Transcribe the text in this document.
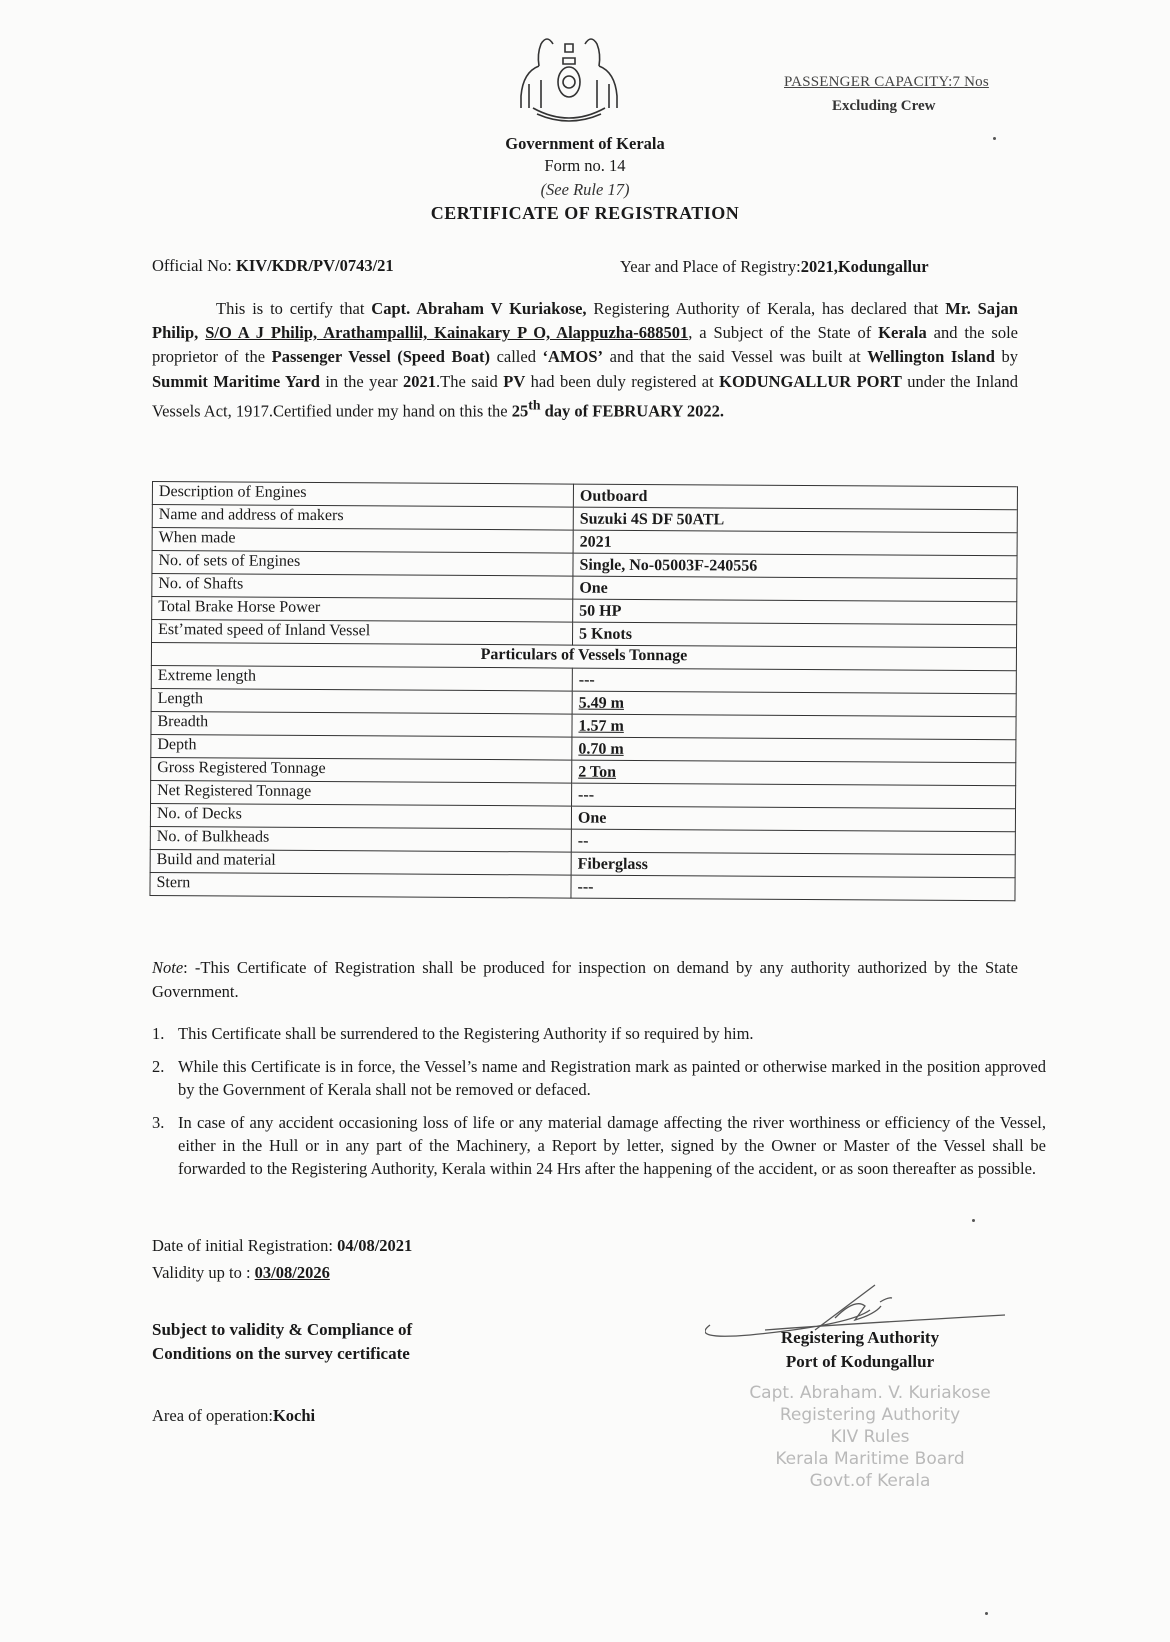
PASSENGER CAPACITY:7 Nos
Excluding Crew
Government of Kerala
Form no. 14
(See Rule 17)
CERTIFICATE OF REGISTRATION
Official No: KIV/KDR/PV/0743/21	Year and Place of Registry:2021,Kodungallur

This is to certify that Capt. Abraham V Kuriakose, Registering Authority of Kerala, has declared that Mr. Sajan Philip, S/O A J Philip, Arathampallil, Kainakary P O, Alappuzha-688501, a Subject of the State of Kerala and the sole proprietor of the Passenger Vessel (Speed Boat) called ‘AMOS’ and that the said Vessel was built at Wellington Island by Summit Maritime Yard in the year 2021.The said PV had been duly registered at KODUNGALLUR PORT under the Inland Vessels Act, 1917.Certified under my hand on this the 25th day of FEBRUARY 2022.

Description of Engines	Outboard
Name and address of makers	Suzuki 4S DF 50ATL
When made	2021
No. of sets of Engines	Single, No-05003F-240556
No. of Shafts	One
Total Brake Horse Power	50 HP
Est’mated speed of Inland Vessel	5 Knots
Particulars of Vessels Tonnage	
Extreme length	---
Length	5.49 m
Breadth	1.57 m
Depth	0.70 m
Gross Registered Tonnage	2 Ton
Net Registered Tonnage	---
No. of Decks	One
No. of Bulkheads	--
Build and material	Fiberglass
Stern	---
Note: -This Certificate of Registration shall be produced for inspection on demand by any authority authorized by the State Government.
1. This Certificate shall be surrendered to the Registering Authority if so required by him.
2. While this Certificate is in force, the Vessel’s name and Registration mark as painted or otherwise marked in the position approved by the Government of Kerala shall not be removed or defaced.
3. In case of any accident occasioning loss of life or any material damage affecting the river worthiness or efficiency of the Vessel, either in the Hull or in any part of the Machinery, a Report by letter, signed by the Owner or Master of the Vessel shall be forwarded to the Registering Authority, Kerala within 24 Hrs after the happening of the accident, or as soon thereafter as possible.
Date of initial Registration: 04/08/2021
Validity up to : 03/08/2026
Subject to validity & Compliance of
Conditions on the survey certificate
Area of operation:Kochi
Registering Authority
Port of Kodungallur
Capt. Abraham. V. Kuriakose
Registering Authority
KIV Rules
Kerala Maritime Board
Govt.of Kerala
